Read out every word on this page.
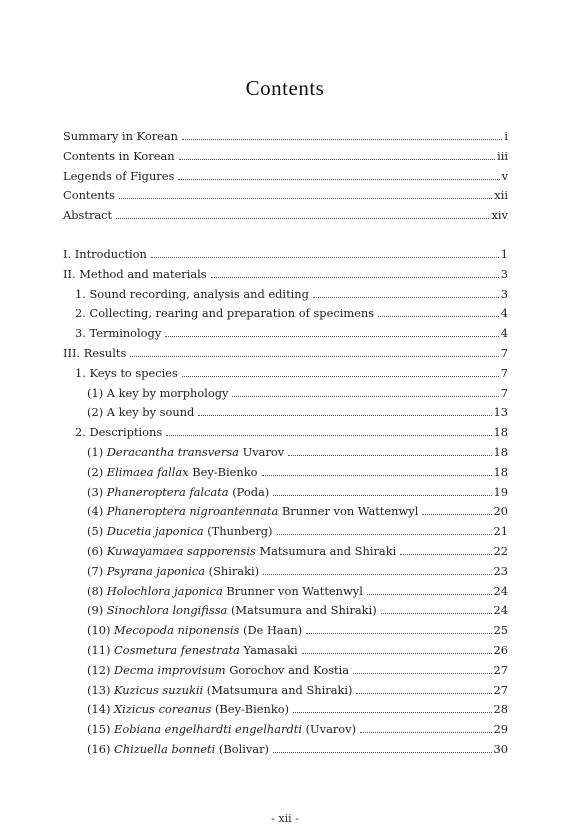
Contents
Summary in Korean	i
Contents in Korean	iii
Legends of Figures	v
Contents	xii
Abstract	xiv
I. Introduction	1
II. Method and materials	3
1. Sound recording, analysis and editing	3
2. Collecting, rearing and preparation of specimens	4
3. Terminology	4
III. Results	7
1. Keys to species	7
(1) A key by morphology	7
(2) A key by sound	13
2. Descriptions	18
(1) Deracantha transversa Uvarov	18
(2) Elimaea fallax Bey-Bienko	18
(3) Phaneroptera falcata (Poda)	19
(4) Phaneroptera nigroantennata Brunner von Wattenwyl	20
(5) Ducetia japonica (Thunberg)	21
(6) Kuwayamaea sapporensis Matsumura and Shiraki	22
(7) Psyrana japonica (Shiraki)	23
(8) Holochlora japonica Brunner von Wattenwyl	24
(9) Sinochlora longifissa (Matsumura and Shiraki)	24
(10) Mecopoda niponensis (De Haan)	25
(11) Cosmetura fenestrata Yamasaki	26
(12) Decma improvisum Gorochov and Kostia	27
(13) Kuzicus suzukii (Matsumura and Shiraki)	27
(14) Xizicus coreanus (Bey-Bienko)	28
(15) Eobiana engelhardti engelhardti (Uvarov)	29
(16) Chizuella bonneti (Bolivar)	30
- xii -
